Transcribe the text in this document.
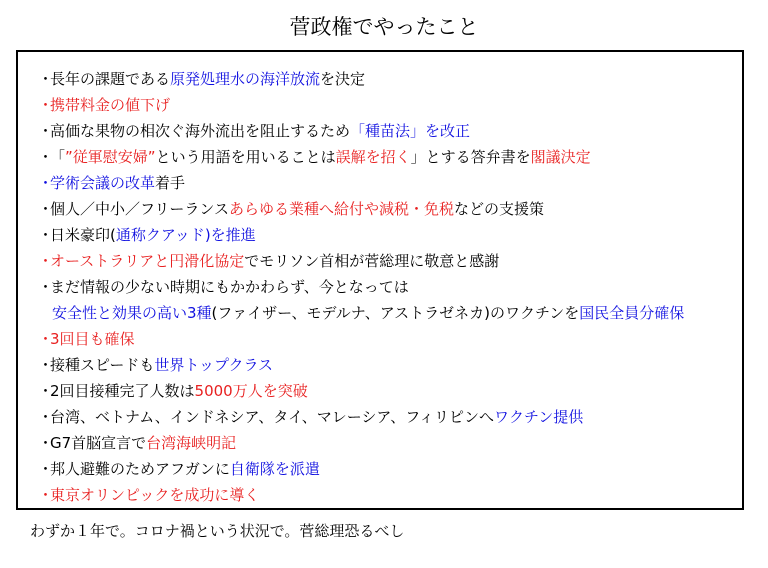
菅政権でやったこと
・長年の課題である原発処理水の海洋放流を決定
・携帯料金の値下げ
・高価な果物の相次ぐ海外流出を阻止するため「種苗法」を改正
・「”従軍慰安婦”という用語を用いることは誤解を招く」とする答弁書を閣議決定
・学術会議の改革着手
・個人／中小／フリーランスあらゆる業種へ給付や減税・免税などの支援策
・日米豪印(通称クアッド)を推進
・オーストラリアと円滑化協定でモリソン首相が菅総理に敬意と感謝
・まだ情報の少ない時期にもかかわらず、今となっては
安全性と効果の高い3種(ファイザー、モデルナ、アストラゼネカ)のワクチンを国民全員分確保
・3回目も確保
・接種スピードも世界トップクラス
・2回目接種完了人数は5000万人を突破
・台湾、ベトナム、インドネシア、タイ、マレーシア、フィリピンへワクチン提供
・G7首脳宣言で台湾海峡明記
・邦人避難のためアフガンに自衛隊を派遣
・東京オリンピックを成功に導く
わずか１年で。コロナ禍という状況で。菅総理恐るべし
